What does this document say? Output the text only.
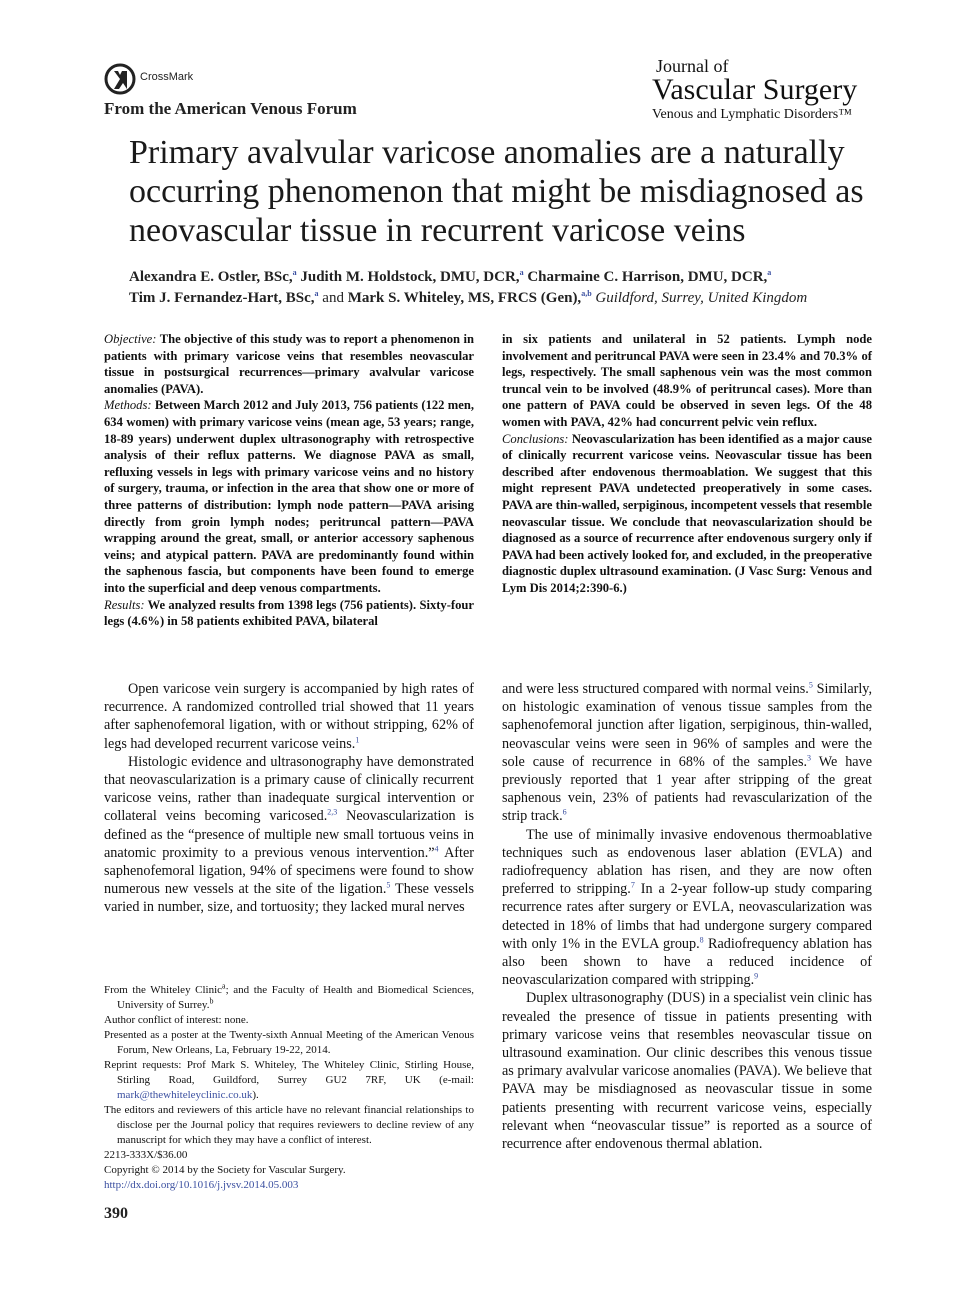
CrossMark
From the American Venous Forum
Journal of
Vascular Surgery
Venous and Lymphatic Disorders™
Primary avalvular varicose anomalies are a naturally occurring phenomenon that might be misdiagnosed as neovascular tissue in recurrent varicose veins
Alexandra E. Ostler, BSc,$^a$ Judith M. Holdstock, DMU, DCR,$^a$ Charmaine C. Harrison, DMU, DCR,$^a$
Tim J. Fernandez-Hart, BSc,$^a$ and Mark S. Whiteley, MS, FRCS (Gen),$^{a,b}$ Guildford, Surrey, United Kingdom

Objective: The objective of this study was to report a phenomenon in patients with primary varicose veins that resembles neovascular tissue in postsurgical recurrences—primary avalvular varicose anomalies (PAVA).

Methods: Between March 2012 and July 2013, 756 patients (122 men, 634 women) with primary varicose veins (mean age, 53 years; range, 18-89 years) underwent duplex ultrasonography with retrospective analysis of their reflux patterns. We diagnose PAVA as small, refluxing vessels in legs with primary varicose veins and no history of surgery, trauma, or infection in the area that show one or more of three patterns of distribution: lymph node pattern—PAVA arising directly from groin lymph nodes; peritruncal pattern—PAVA wrapping around the great, small, or anterior accessory saphenous veins; and atypical pattern. PAVA are predominantly found within the saphenous fascia, but components have been found to emerge into the superficial and deep venous compartments.

Results: We analyzed results from 1398 legs (756 patients). Sixty-four legs (4.6%) in 58 patients exhibited PAVA, bilateral

in six patients and unilateral in 52 patients. Lymph node involvement and peritruncal PAVA were seen in 23.4% and 70.3% of legs, respectively. The small saphenous vein was the most common truncal vein to be involved (48.9% of peritruncal cases). More than one pattern of PAVA could be observed in seven legs. Of the 48 women with PAVA, 42% had concurrent pelvic vein reflux.

Conclusions: Neovascularization has been identified as a major cause of clinically recurrent varicose veins. Neovascular tissue has been described after endovenous thermoablation. We suggest that this might represent PAVA undetected preoperatively in some cases. PAVA are thin-walled, serpiginous, incompetent vessels that resemble neovascular tissue. We conclude that neovascularization should be diagnosed as a source of recurrence after endovenous surgery only if PAVA had been actively looked for, and excluded, in the preoperative diagnostic duplex ultrasound examination. (J Vasc Surg: Venous and Lym Dis 2014;2:390-6.)

Open varicose vein surgery is accompanied by high rates of recurrence. A randomized controlled trial showed that 11 years after saphenofemoral ligation, with or without stripping, 62% of legs had developed recurrent varicose veins.$^1$

Histologic evidence and ultrasonography have demonstrated that neovascularization is a primary cause of clinically recurrent varicose veins, rather than inadequate surgical intervention or collateral veins becoming varicosed.$^{2,3}$ Neovascularization is defined as the “presence of multiple new small tortuous veins in anatomic proximity to a previous venous intervention.”$^4$ After saphenofemoral ligation, 94% of specimens were found to show numerous new vessels at the site of the ligation.$^5$ These vessels varied in number, size, and tortuosity; they lacked mural nerves

and were less structured compared with normal veins.$^5$ Similarly, on histologic examination of venous tissue samples from the saphenofemoral junction after ligation, serpiginous, thin-walled, neovascular veins were seen in 96% of samples and were the sole cause of recurrence in 68% of the samples.$^3$ We have previously reported that 1 year after stripping of the great saphenous vein, 23% of patients had revascularization of the strip track.$^6$

The use of minimally invasive endovenous thermoablative techniques such as endovenous laser ablation (EVLA) and radiofrequency ablation has risen, and they are now often preferred to stripping.$^7$ In a 2-year follow-up study comparing recurrence rates after surgery or EVLA, neovascularization was detected in 18% of limbs that had undergone surgery compared with only 1% in the EVLA group.$^8$ Radiofrequency ablation has also been shown to have a reduced incidence of neovascularization compared with stripping.$^9$

Duplex ultrasonography (DUS) in a specialist vein clinic has revealed the presence of tissue in patients presenting with primary varicose veins that resembles neovascular tissue on ultrasound examination. Our clinic describes this venous tissue as primary avalvular varicose anomalies (PAVA). We believe that PAVA may be misdiagnosed as neovascular tissue in some patients presenting with recurrent varicose veins, especially relevant when “neovascular tissue” is reported as a source of recurrence after endovenous thermal ablation.

From the Whiteley Clinic$^a$; and the Faculty of Health and Biomedical Sciences, University of Surrey.$^b$

Author conflict of interest: none.

Presented as a poster at the Twenty-sixth Annual Meeting of the American Venous Forum, New Orleans, La, February 19-22, 2014.

Reprint requests: Prof Mark S. Whiteley, The Whiteley Clinic, Stirling House, Stirling Road, Guildford, Surrey GU2 7RF, UK (e-mail: mark@thewhiteleyclinic.co.uk).

The editors and reviewers of this article have no relevant financial relationships to disclose per the Journal policy that requires reviewers to decline review of any manuscript for which they may have a conflict of interest.

2213-333X/$36.00

Copyright © 2014 by the Society for Vascular Surgery.

http://dx.doi.org/10.1016/j.jvsv.2014.05.003

390
